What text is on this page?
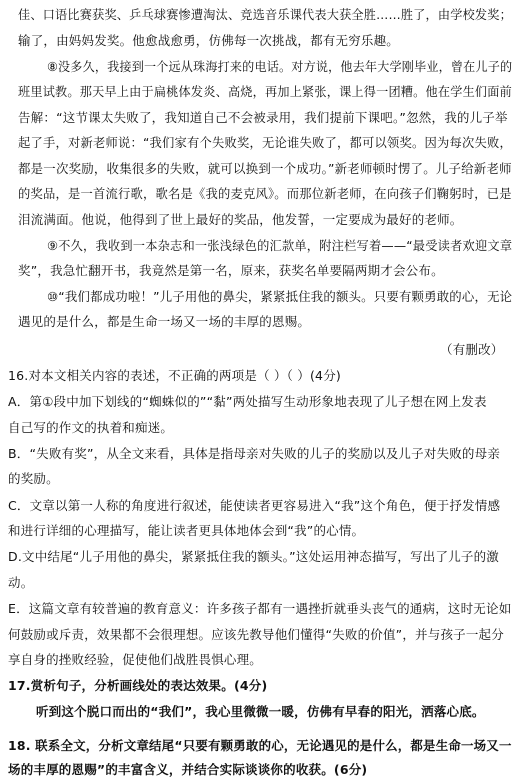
佳、口语比赛获奖、乒乓球赛惨遭淘汰、竞选音乐课代表大获全胜……胜了，由学校发奖；
输了，由妈妈发奖。他愈战愈勇，仿佛每一次挑战，都有无穷乐趣。
⑧没多久，我接到一个远从珠海打来的电话。对方说，他去年大学刚毕业，曾在儿子的
班里试教。那天早上由于扁桃体发炎、高烧，再加上紧张，课上得一团糟。他在学生们面前
告解：“这节课太失败了，我知道自己不会被录用，我们提前下课吧。”忽然，我的儿子举
起了手，对新老师说：“我们家有个失败奖，无论谁失败了，都可以领奖。因为每次失败，
都是一次奖励，收集很多的失败，就可以换到一个成功。”新老师顿时愣了。儿子给新老师
的奖品，是一首流行歌，歌名是《我的麦克风》。而那位新老师，在向孩子们鞠躬时，已是
泪流满面。他说，他得到了世上最好的奖品，他发誓，一定要成为最好的老师。
⑨不久，我收到一本杂志和一张浅绿色的汇款单，附注栏写着——“最受读者欢迎文章
奖”，我急忙翻开书，我竟然是第一名，原来，获奖名单要隔两期才会公布。
⑩“我们都成功啦！”儿子用他的鼻尖，紧紧抵住我的额头。只要有颗勇敢的心，无论
遇见的是什么，都是生命一场又一场的丰厚的恩赐。
（有删改）
16.对本文相关内容的表述，不正确的两项是（ ）（ ）(4分)
A．第①段中加下划线的“蜘蛛似的”“黏”两处描写生动形象地表现了儿子想在网上发表
自己写的作文的执着和痴迷。
B．“失败有奖”，从全文来看，具体是指母亲对失败的儿子的奖励以及儿子对失败的母亲
的奖励。
C．文章以第一人称的角度进行叙述，能使读者更容易进入“我”这个角色，便于抒发情感
和进行详细的心理描写，能让读者更具体地体会到“我”的心情。
D.文中结尾“儿子用他的鼻尖，紧紧抵住我的额头。”这处运用神态描写，写出了儿子的激
动。
E．这篇文章有较普遍的教育意义：许多孩子都有一遇挫折就垂头丧气的通病，这时无论如
何鼓励或斥责，效果都不会很理想。应该先教导他们懂得“失败的价值”，并与孩子一起分
享自身的挫败经验，促使他们战胜畏惧心理。
17.赏析句子，分析画线处的表达效果。(4分)
听到这个脱口而出的“我们”，我心里微微一暖，仿佛有早春的阳光，洒落心底。
18. 联系全文，分析文章结尾“只要有颗勇敢的心，无论遇见的是什么，都是生命一场又一
场的丰厚的恩赐”的丰富含义，并结合实际谈谈你的收获。(6分)
